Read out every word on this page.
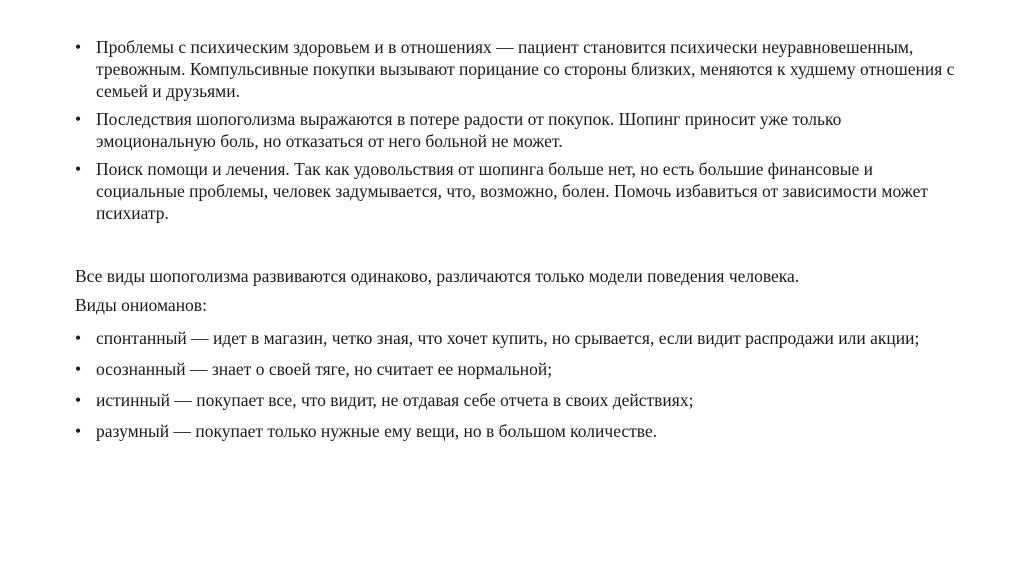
• Проблемы с психическим здоровьем и в отношениях — пациент становится психически неуравновешенным, тревожным. Компульсивные покупки вызывают порицание со стороны близких, меняются к худшему отношения с семьей и друзьями.
• Последствия шопоголизма выражаются в потере радости от покупок. Шопинг приносит уже только эмоциональную боль, но отказаться от него больной не может.
• Поиск помощи и лечения. Так как удовольствия от шопинга больше нет, но есть большие финансовые и социальные проблемы, человек задумывается, что, возможно, болен. Помочь избавиться от зависимости может психиатр.

Все виды шопоголизма развиваются одинаково, различаются только модели поведения человека.

Виды ониоманов:

• спонтанный — идет в магазин, четко зная, что хочет купить, но срывается, если видит распродажи или акции;
• осознанный — знает о своей тяге, но считает ее нормальной;
• истинный — покупает все, что видит, не отдавая себе отчета в своих действиях;
• разумный — покупает только нужные ему вещи, но в большом количестве.
